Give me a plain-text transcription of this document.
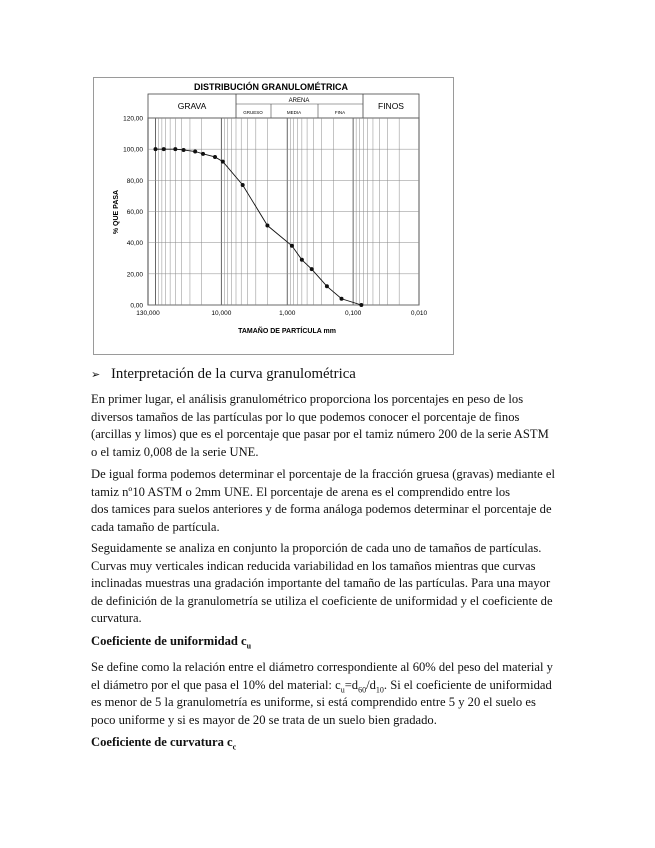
DISTRIBUCIÓN GRANULOMÉTRICA
GRAVA	ARENA
GRUESO	MEDIA	FINA
FINOS
0,00
20,00
40,00
60,00
80,00
100,00
120,00
130,000	10,000	1,000	0,100	0,010
% QUE PASA
TAMAÑO DE PARTÍCULA mm
➢ Interpretación de la curva granulométrica

En primer lugar, el análisis granulométrico proporciona los porcentajes en peso de los

diversos tamaños de las partículas por lo que podemos conocer el porcentaje de finos

(arcillas y limos) que es el porcentaje que pasar por el tamiz número 200 de la serie ASTM

o el tamiz 0,008 de la serie UNE.

De igual forma podemos determinar el porcentaje de la fracción gruesa (gravas) mediante el

tamiz nº10 ASTM o 2mm UNE. El porcentaje de arena es el comprendido entre los

dos tamices para suelos anteriores y de forma análoga podemos determinar el porcentaje de

cada tamaño de partícula.

Seguidamente se analiza en conjunto la proporción de cada uno de tamaños de partículas.

Curvas muy verticales indican reducida variabilidad en los tamaños mientras que curvas

inclinadas muestras una gradación importante del tamaño de las partículas. Para una mayor

de definición de la granulometría se utiliza el coeficiente de uniformidad y el coeficiente de

curvatura.

Coeficiente de uniformidad $c_u$

Se define como la relación entre el diámetro correspondiente al 60% del peso del material y

el diámetro por el que pasa el 10% del material: $c_u=d_{60}/d_{10}$. Si el coeficiente de uniformidad

es menor de 5 la granulometría es uniforme, si está comprendido entre 5 y 20 el suelo es

poco uniforme y si es mayor de 20 se trata de un suelo bien gradado.

Coeficiente de curvatura $c_c$
